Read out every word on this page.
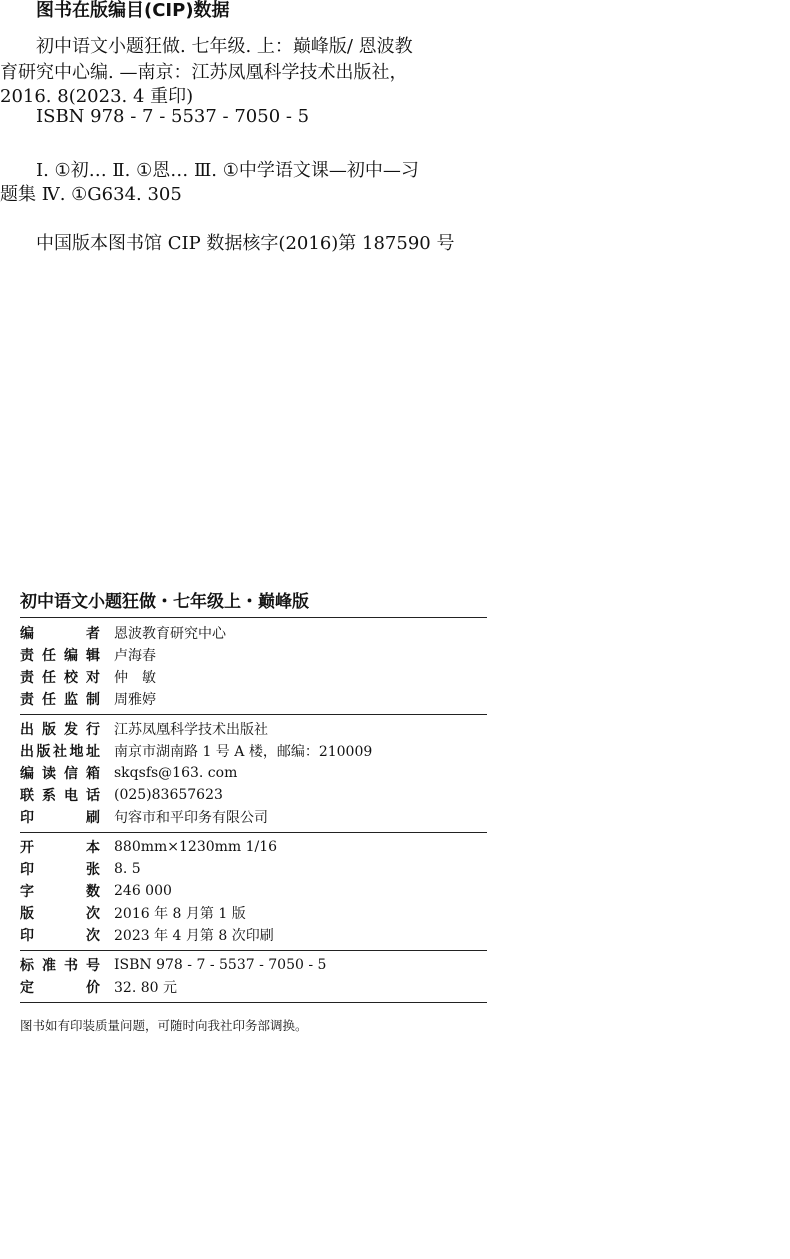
图书在版编目(CIP)数据
初中语文小题狂做. 七年级. 上：巅峰版/ 恩波教
育研究中心编. —南京：江苏凤凰科学技术出版社，
2016. 8(2023. 4 重印)
ISBN 978 - 7 - 5537 - 7050 - 5
Ⅰ. ①初… Ⅱ. ①恩… Ⅲ. ①中学语文课—初中—习
题集 Ⅳ. ①G634. 305
中国版本图书馆 CIP 数据核字(2016)第 187590 号
初中语文小题狂做・七年级上・巅峰版
编	者 恩波教育研究中心
责 任 编 辑 卢海春
责 任 校 对 仲　敏
责 任 监 制 周雅婷
出 版 发 行 江苏凤凰科学技术出版社
出 版 社 地 址 南京市湖南路 1 号 A 楼，邮编：210009
编 读 信 箱 skqsfs@163. com
联 系 电 话 (025)83657623
印	刷 句容市和平印务有限公司
开	本 880mm×1230mm 1/16
印	张 8. 5
字	数 246 000
版	次 2016 年 8 月第 1 版
印	次 2023 年 4 月第 8 次印刷
标 准 书 号 ISBN 978 - 7 - 5537 - 7050 - 5
定	价 32. 80 元
图书如有印装质量问题，可随时向我社印务部调换。
